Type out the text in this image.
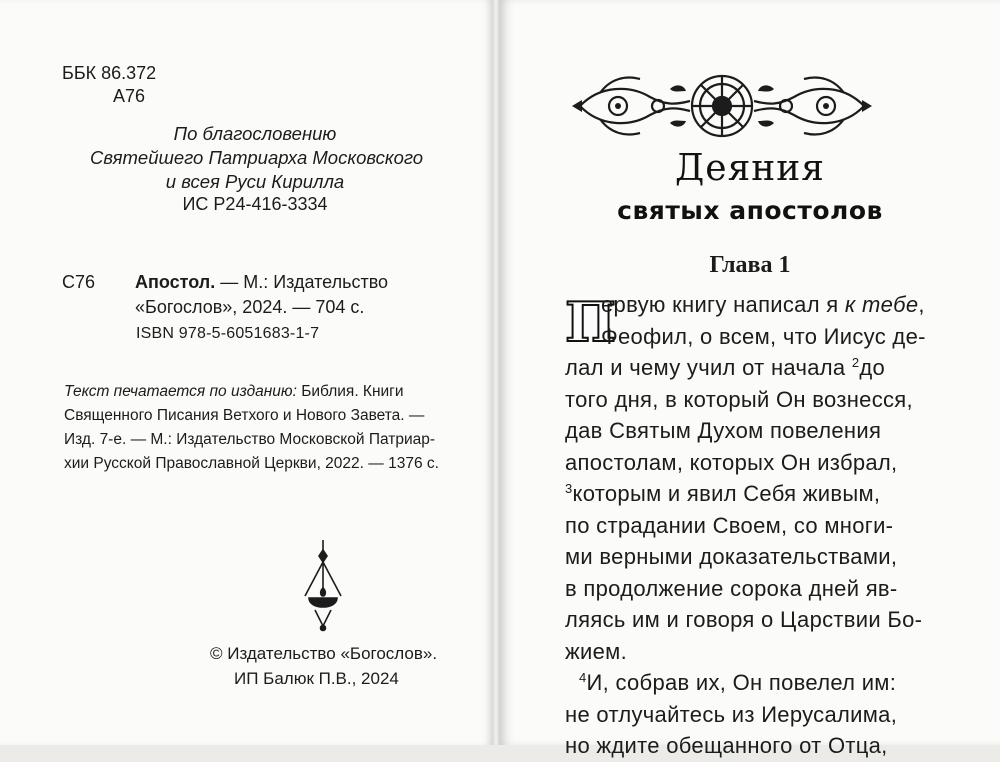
ББК 86.372
А76
По благословению
Святейшего Патриарха Московского
и всея Руси Кирилла
ИС Р24-416-3334
С76 Апостол. — М.: Издательство
«Богослов», 2024. — 704 с.
ISBN 978-5-6051683-1-7
Текст печатается по изданию: Библия. Книги
Священного Писания Ветхого и Нового Завета. —
Изд. 7-е. — М.: Издательство Московской Патриар-
хии Русской Православной Церкви, 2022. — 1376 с.
© Издательство «Богослов».
ИП Балюк П.В., 2024
Деяния
святых апостолов
Глава 1
П
ервую книгу написал я к тебе,
Феофил, о всем, что Иисус де-
лал и чему учил от начала $^2$до
того дня, в который Он вознесся,
дав Святым Духом повеления
апостолам, которых Он избрал,
$^3$которым и явил Себя живым,
по страдании Своем, со многи-
ми верными доказательствами,
в продолжение сорока дней яв-
ляясь им и говоря о Царствии Бо-
жием.
$^4$И, собрав их, Он повелел им:
не отлучайтесь из Иерусалима,
но ждите обещанного от Отца,
